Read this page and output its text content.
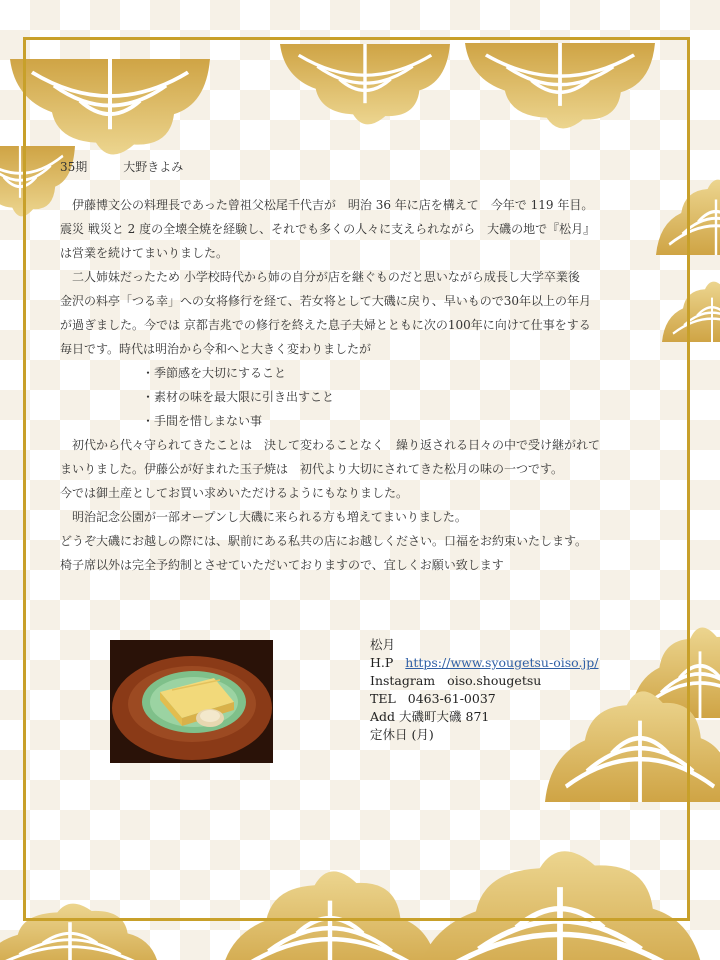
35期	大野きよみ

　伊藤博文公の料理長であった曾祖父松尾千代吉が　明治 36 年に店を構えて　今年で 119 年目。

震災 戦災と 2 度の全壊全焼を経験し、それでも多くの人々に支えられながら　大磯の地で『松月』

は営業を続けてまいりました。

　二人姉妹だったため 小学校時代から姉の自分が店を継ぐものだと思いながら成長し大学卒業後

金沢の料亭「つる幸」への女将修行を経て、若女将として大磯に戻り、早いもので30年以上の年月

が過ぎました。今では 京都吉兆での修行を終えた息子夫婦とともに次の100年に向けて仕事をする

毎日です。時代は明治から令和へと大きく変わりましたが

・季節感を大切にすること

・素材の味を最大限に引き出すこと

・手間を惜しまない事

　初代から代々守られてきたことは　決して変わることなく　繰り返される日々の中で受け継がれて

まいりました。伊藤公が好まれた玉子焼は　初代より大切にされてきた松月の味の一つです。

今では御土産としてお買い求めいただけるようにもなりました。

　明治記念公園が一部オープンし大磯に来られる方も増えてまいりました。

どうぞ大磯にお越しの際には、駅前にある私共の店にお越しください。口福をお約束いたします。

椅子席以外は完全予約制とさせていただいておりますので、宜しくお願い致します

松月
H.P https://www.syougetsu-oiso.jp/
Instagram oiso.shougetsu
TEL 0463-61-0037
Add 大磯町大磯 871
定休日 (月)
